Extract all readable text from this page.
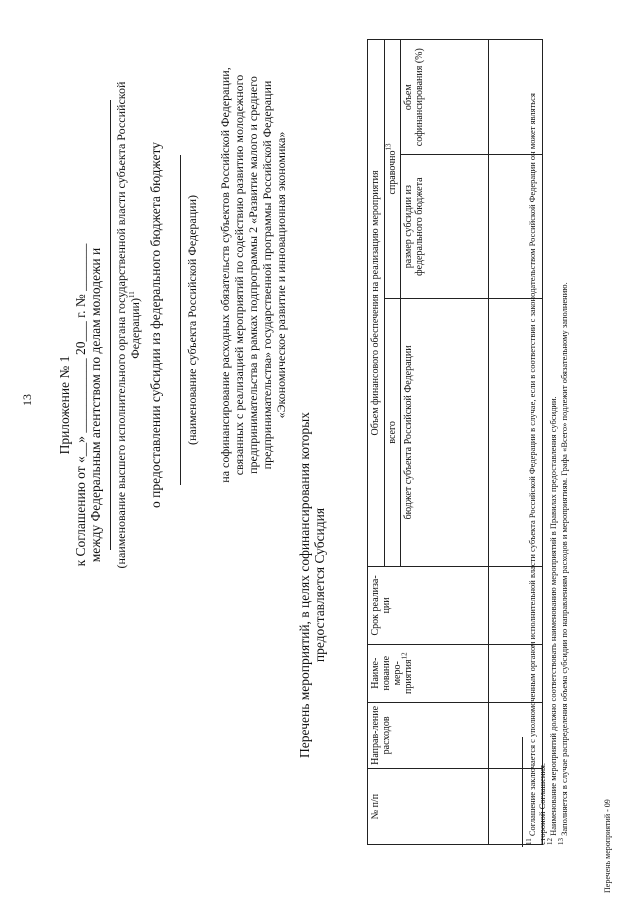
13 Приложение № 1 к Соглашению от «__» ___________ 20___ г. № _______ между Федеральным агентством по делам молодежи и (наименование высшего исполнительного органа государственной власти субъекта Российской Федерации)$^{11}$ о предоставлении субсидии из федерального бюджета бюджету (наименование субъекта Российской Федерации) на софинансирование расходных обязательств субъектов Российской Федерации, связанных с реализацией мероприятий по содействию развитию молодежного предпринимательства в рамках подпрограммы 2 «Развитие малого и среднего предпринимательства» государственной программы Российской Федерации «Экономическое развитие и инновационная экономика»
Перечень мероприятий, в целях софинансирования которых предоставляется Субсидия
№ п/п	Направ-ление расходов	Наиме-нование меро-приятия$^{12}$	Срок реализа-ции	Объем финансового обеспечения на реализацию мероприятия		
				всего	справочно$^{13}$
				бюджет субъекта Российской Федерации	размер субсидии из федерального бюджета	объем софинансирования (%)

$^{11}$ Соглашение заключается с уполномоченным органом исполнительной власти субъекта Российской Федерации в случае, если в соответствии с законодательством Российской Федерации он может являться стороной Соглашения. $^{12}$ Наименование мероприятий должно соответствовать наименованию мероприятий в Правилах предоставления субсидии.
$^{13}$ Заполняется в случае распределения объема субсидии по направлениям расходов и мероприятиям. Графа «Всего» подлежит обязательному заполнению.
Перечень мероприятий - 09
